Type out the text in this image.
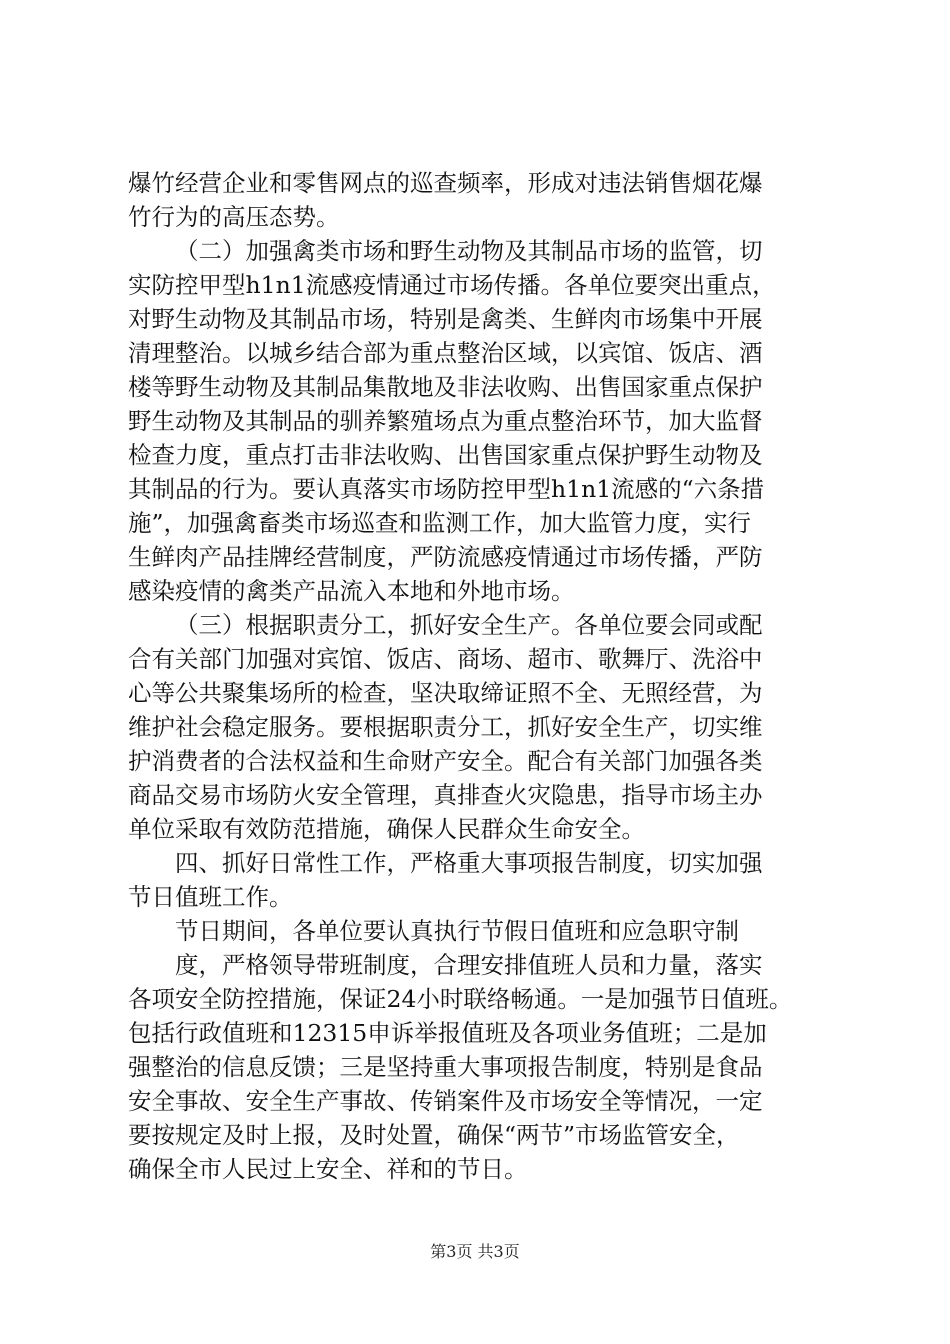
爆竹经营企业和零售网点的巡查频率，形成对违法销售烟花爆
竹行为的高压态势。
（二）加强禽类市场和野生动物及其制品市场的监管，切
实防控甲型h1n1流感疫情通过市场传播。各单位要突出重点，
对野生动物及其制品市场，特别是禽类、生鲜肉市场集中开展
清理整治。以城乡结合部为重点整治区域，以宾馆、饭店、酒
楼等野生动物及其制品集散地及非法收购、出售国家重点保护
野生动物及其制品的驯养繁殖场点为重点整治环节，加大监督
检查力度，重点打击非法收购、出售国家重点保护野生动物及
其制品的行为。要认真落实市场防控甲型h1n1流感的“六条措
施”，加强禽畜类市场巡查和监测工作，加大监管力度，实行
生鲜肉产品挂牌经营制度，严防流感疫情通过市场传播，严防
感染疫情的禽类产品流入本地和外地市场。
（三）根据职责分工，抓好安全生产。各单位要会同或配
合有关部门加强对宾馆、饭店、商场、超市、歌舞厅、洗浴中
心等公共聚集场所的检查，坚决取缔证照不全、无照经营，为
维护社会稳定服务。要根据职责分工，抓好安全生产，切实维
护消费者的合法权益和生命财产安全。配合有关部门加强各类
商品交易市场防火安全管理，真排查火灾隐患，指导市场主办
单位采取有效防范措施，确保人民群众生命安全。
四、抓好日常性工作，严格重大事项报告制度，切实加强
节日值班工作。
节日期间，各单位要认真执行节假日值班和应急职守制
度，严格领导带班制度，合理安排值班人员和力量，落实
各项安全防控措施，保证24小时联络畅通。一是加强节日值班。
包括行政值班和12315申诉举报值班及各项业务值班；二是加
强整治的信息反馈；三是坚持重大事项报告制度，特别是食品
安全事故、安全生产事故、传销案件及市场安全等情况，一定
要按规定及时上报，及时处置，确保“两节”市场监管安全，
确保全市人民过上安全、祥和的节日。
第3页 共3页
